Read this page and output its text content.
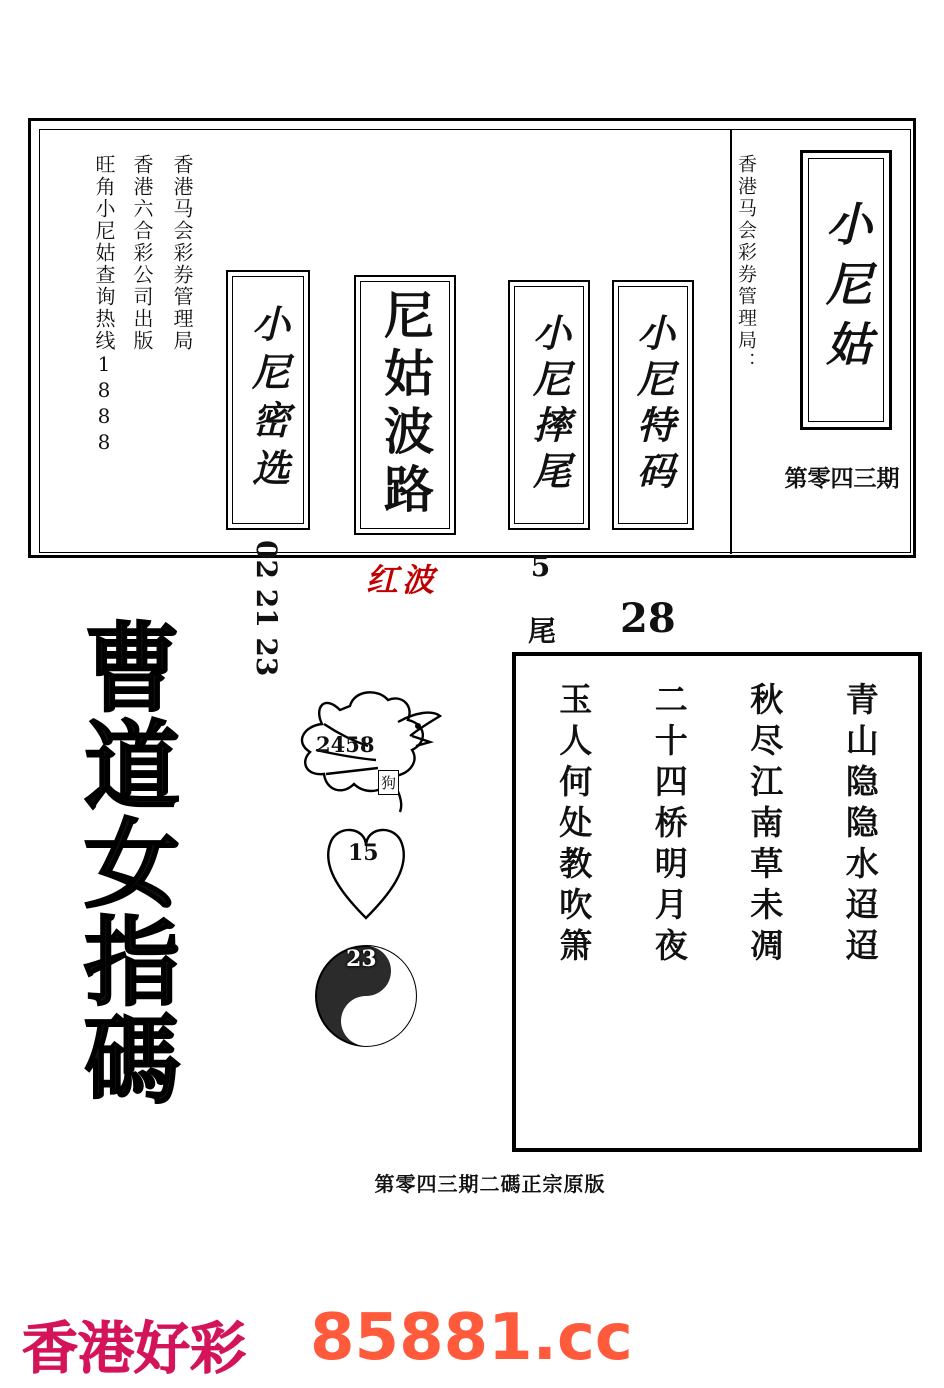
旺角小尼姑查询热线1888 香港六合彩公司出版 香港马会彩券管理局
小尼密选
02 21 23
尼姑波路
红波
小尼摔尾
5 尾
小尼特码
28
香港马会彩券管理局： 小尼姑
第零四三期
曹
道
女
指
碼
2458
狗
15
23	青山隐隐水迢迢
秋尽江南草未凋
二十四桥明月夜
玉人何处教吹箫
第零四三期二碼正宗原版
香港好彩 85881.cc
